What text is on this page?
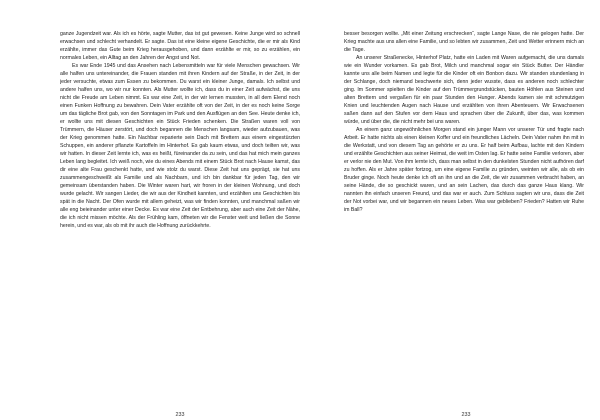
ganze Jugendzeit war. Als ich es hörte, sagte Mutter, das ist gut gewesen. Keine Junge wird so schnell erwachsen und schlecht verhandelt. Er sagte. Das ist eine kleine eigene Geschichte, die er mir als Kind erzählte, immer das Gute beim Krieg herausgehoben, und dann erzählte er mir, so zu erzählen, ein normales Leben, ein Alltag an den Jahren der Angst und Not.

Es war Ende 1945 und das Ansehen nach Lebensmitteln war für viele Menschen gewachsen. Wir alle halfen uns untereinander, die Frauen standen mit ihren Kindern auf der Straße, in der Zeit, in der jeder versuchte, etwas zum Essen zu bekommen. Du warst ein kleiner Junge, damals. Ich selbst und andere halfen uns, wo wir nur konnten. Als Mutter wollte ich, dass du in einer Zeit aufwächst, die uns nicht die Freude am Leben nimmt. Es war eine Zeit, in der wir lernen mussten, in all dem Elend noch einen Funken Hoffnung zu bewahren. Dein Vater erzählte oft von der Zeit, in der es noch keine Sorge um das tägliche Brot gab, von den Sonntagen im Park und den Ausflügen an den See. Heute denke ich, er wollte uns mit diesen Geschichten ein Stück Frieden schenken. Die Straßen waren voll von Trümmern, die Häuser zerstört, und doch begannen die Menschen langsam, wieder aufzubauen, was der Krieg genommen hatte. Ein Nachbar reparierte sein Dach mit Brettern aus einem eingestürzten Schuppen, ein anderer pflanzte Kartoffeln im Hinterhof. Es gab kaum etwas, und doch teilten wir, was wir hatten. In dieser Zeit lernte ich, was es heißt, füreinander da zu sein, und das hat mich mein ganzes Leben lang begleitet. Ich weiß noch, wie du eines Abends mit einem Stück Brot nach Hause kamst, das dir eine alte Frau geschenkt hatte, und wie stolz du warst. Diese Zeit hat uns geprägt, sie hat uns zusammengeschweißt als Familie und als Nachbarn, und ich bin dankbar für jeden Tag, den wir gemeinsam überstanden haben. Die Winter waren hart, wir froren in der kleinen Wohnung, und doch wurde gelacht. Wir sangen Lieder, die wir aus der Kindheit kannten, und erzählten uns Geschichten bis spät in die Nacht. Der Ofen wurde mit allem geheizt, was wir finden konnten, und manchmal saßen wir alle eng beieinander unter einer Decke. Es war eine Zeit der Entbehrung, aber auch eine Zeit der Nähe, die ich nicht missen möchte. Als der Frühling kam, öffneten wir die Fenster weit und ließen die Sonne herein, und es war, als ob mit ihr auch die Hoffnung zurückkehrte.

besser besorgen wollte. „Mit einer Zeitung erschrecken“, sagte Lange Nase, die nie gelogen hatte. Der Krieg machte aus uns allen eine Familie, und so lebten wir zusammen, Zeit und Wetter erinnern mich an die Tage.

An unserer Straßenecke, Hinterhof Platz, hatte ein Laden mit Waren aufgemacht, die uns damals wie ein Wunder vorkamen. Es gab Brot, Milch und manchmal sogar ein Stück Butter. Der Händler kannte uns alle beim Namen und legte für die Kinder oft ein Bonbon dazu. Wir standen stundenlang in der Schlange, doch niemand beschwerte sich, denn jeder wusste, dass es anderen noch schlechter ging. Im Sommer spielten die Kinder auf den Trümmergrundstücken, bauten Höhlen aus Steinen und alten Brettern und vergaßen für ein paar Stunden den Hunger. Abends kamen sie mit schmutzigen Knien und leuchtenden Augen nach Hause und erzählten von ihren Abenteuern. Wir Erwachsenen saßen dann auf den Stufen vor dem Haus und sprachen über die Zukunft, über das, was kommen würde, und über die, die nicht mehr bei uns waren.

An einem ganz ungewöhnlichen Morgen stand ein junger Mann vor unserer Tür und fragte nach Arbeit. Er hatte nichts als einen kleinen Koffer und ein freundliches Lächeln. Dein Vater nahm ihn mit in die Werkstatt, und von diesem Tag an gehörte er zu uns. Er half beim Aufbau, lachte mit den Kindern und erzählte Geschichten aus seiner Heimat, die weit im Osten lag. Er hatte seine Familie verloren, aber er verlor nie den Mut. Von ihm lernte ich, dass man selbst in den dunkelsten Stunden nicht aufhören darf zu hoffen. Als er Jahre später fortzog, um eine eigene Familie zu gründen, weinten wir alle, als ob ein Bruder ginge. Noch heute denke ich oft an ihn und an die Zeit, die wir zusammen verbracht haben, an seine Hände, die so geschickt waren, und an sein Lachen, das durch das ganze Haus klang. Wir nannten ihn einfach unseren Freund, und das war er auch. Zum Schluss sagten wir uns, dass die Zeit der Not vorbei war, und wir begannen ein neues Leben. Was war geblieben? Frieden? Hatten wir Ruhe im Ball?

233	233
